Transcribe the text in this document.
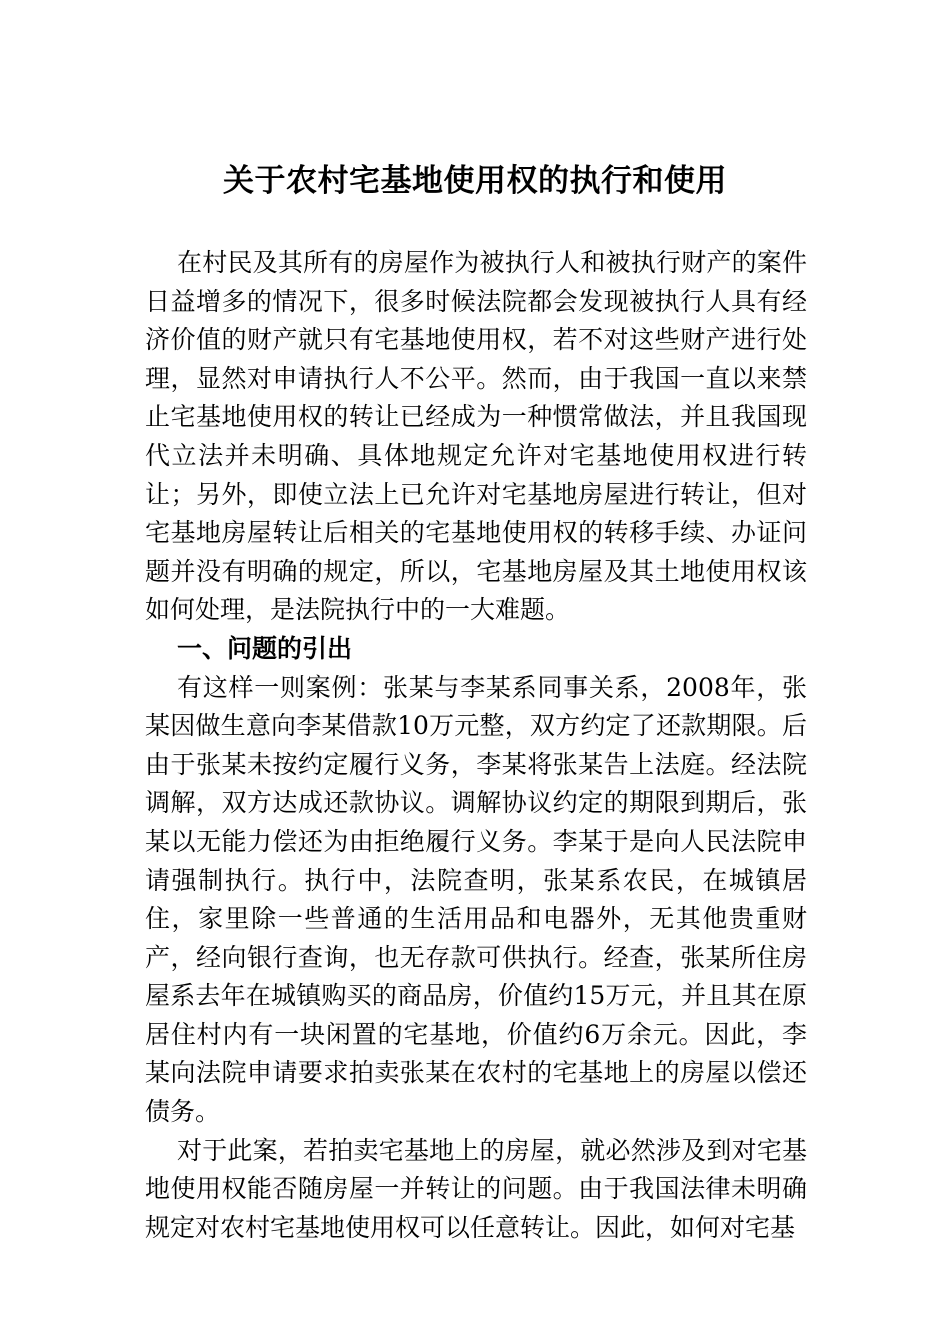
关于农村宅基地使用权的执行和使用

在村民及其所有的房屋作为被执行人和被执行财产的案件日益增多的情况下，很多时候法院都会发现被执行人具有经济价值的财产就只有宅基地使用权，若不对这些财产进行处理，显然对申请执行人不公平。然而，由于我国一直以来禁止宅基地使用权的转让已经成为一种惯常做法，并且我国现代立法并未明确、具体地规定允许对宅基地使用权进行转让；另外，即使立法上已允许对宅基地房屋进行转让，但对宅基地房屋转让后相关的宅基地使用权的转移手续、办证问题并没有明确的规定，所以，宅基地房屋及其土地使用权该如何处理，是法院执行中的一大难题。

一、问题的引出

有这样一则案例：张某与李某系同事关系，2008年，张某因做生意向李某借款10万元整，双方约定了还款期限。后由于张某未按约定履行义务，李某将张某告上法庭。经法院调解，双方达成还款协议。调解协议约定的期限到期后，张某以无能力偿还为由拒绝履行义务。李某于是向人民法院申请强制执行。执行中，法院查明，张某系农民，在城镇居住，家里除一些普通的生活用品和电器外，无其他贵重财产，经向银行查询，也无存款可供执行。经查，张某所住房屋系去年在城镇购买的商品房，价值约15万元，并且其在原居住村内有一块闲置的宅基地，价值约6万余元。因此，李某向法院申请要求拍卖张某在农村的宅基地上的房屋以偿还债务。

对于此案，若拍卖宅基地上的房屋，就必然涉及到对宅基地使用权能否随房屋一并转让的问题。由于我国法律未明确规定对农村宅基地使用权可以任意转让。因此，如何对宅基
